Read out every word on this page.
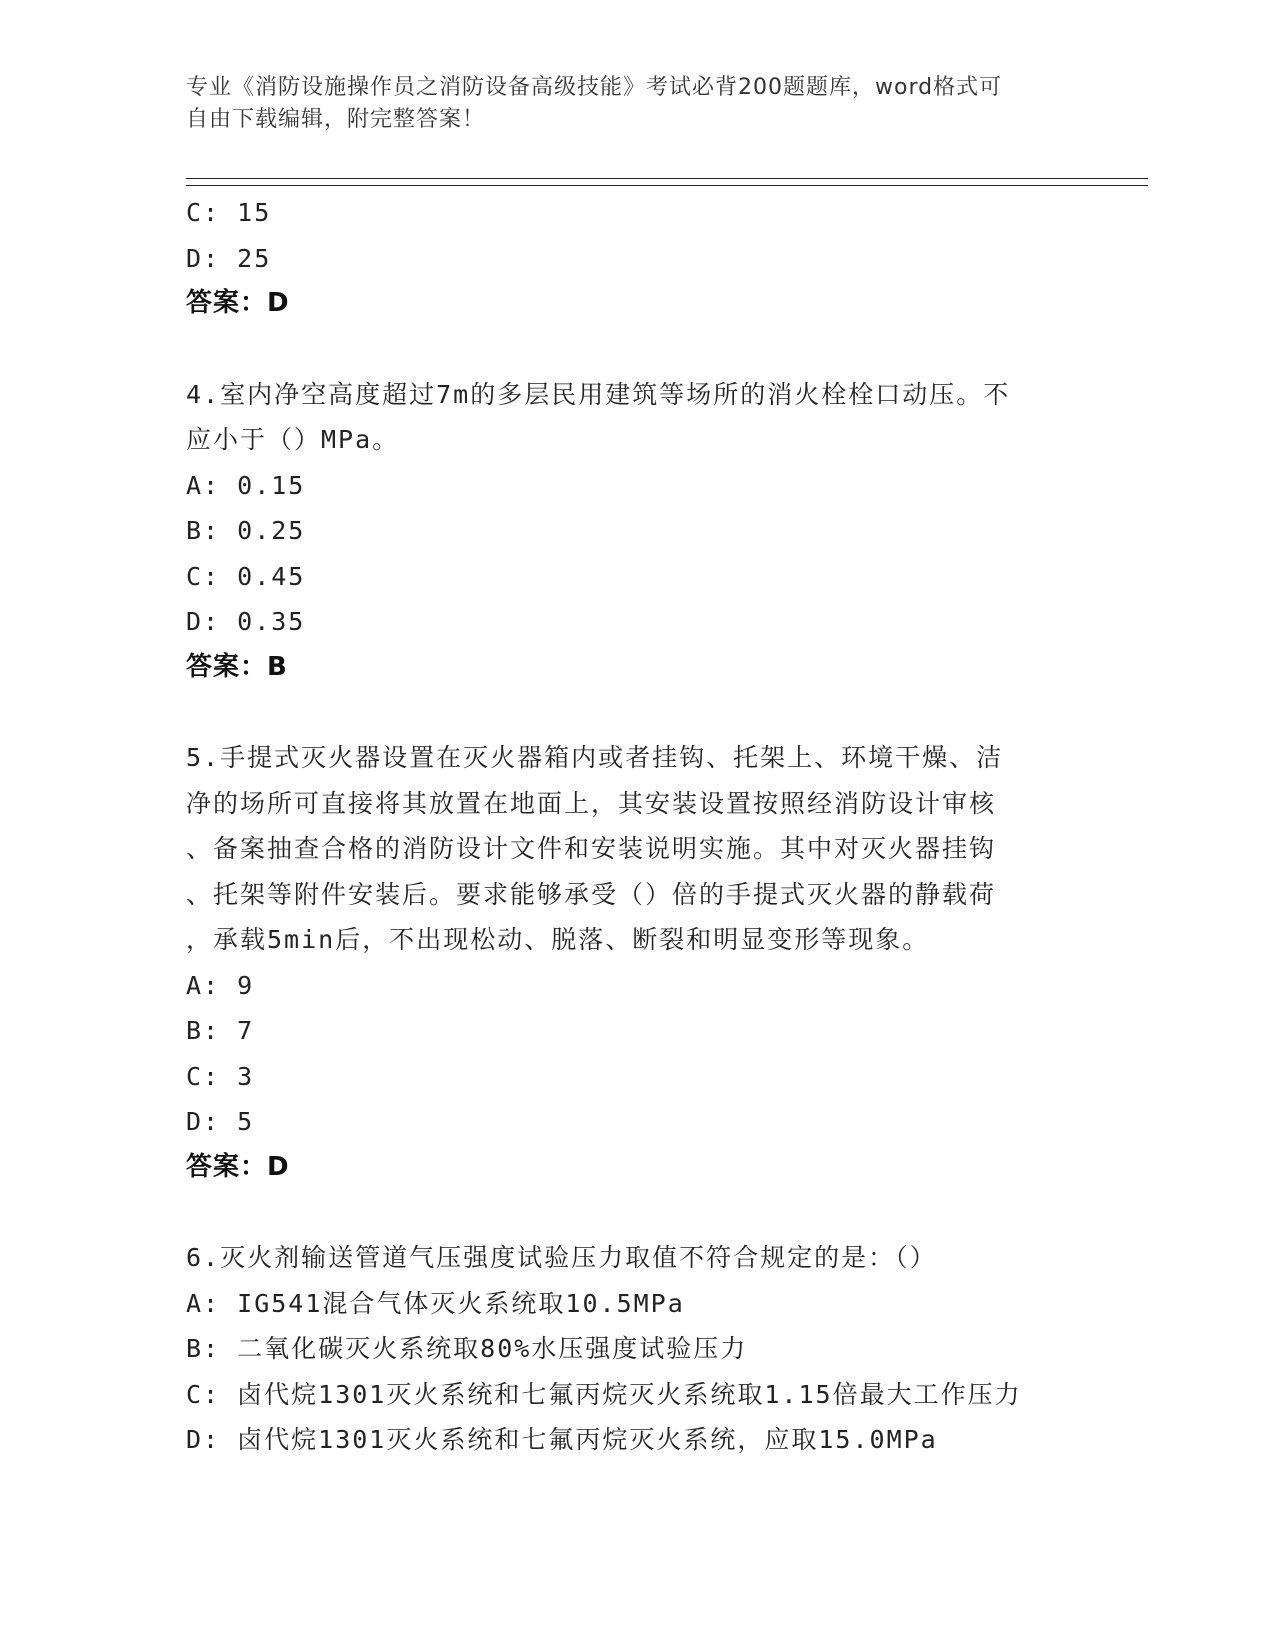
专业《消防设施操作员之消防设备高级技能》考试必背200题题库，word格式可
自由下载编辑，附完整答案！
C: 15
D: 25
答案：D
4.室内净空高度超过7m的多层民用建筑等场所的消火栓栓口动压。不
应小于（）MPa。
A: 0.15
B: 0.25
C: 0.45
D: 0.35
答案：B
5.手提式灭火器设置在灭火器箱内或者挂钩、托架上、环境干燥、洁
净的场所可直接将其放置在地面上，其安装设置按照经消防设计审核
、备案抽查合格的消防设计文件和安装说明实施。其中对灭火器挂钩
、托架等附件安装后。要求能够承受（）倍的手提式灭火器的静载荷
，承载5min后，不出现松动、脱落、断裂和明显变形等现象。
A: 9
B: 7
C: 3
D: 5
答案：D
6.灭火剂输送管道气压强度试验压力取值不符合规定的是：（）
A: IG541混合气体灭火系统取10.5MPa
B: 二氧化碳灭火系统取80%水压强度试验压力
C: 卤代烷1301灭火系统和七氟丙烷灭火系统取1.15倍最大工作压力
D: 卤代烷1301灭火系统和七氟丙烷灭火系统，应取15.0MPa
